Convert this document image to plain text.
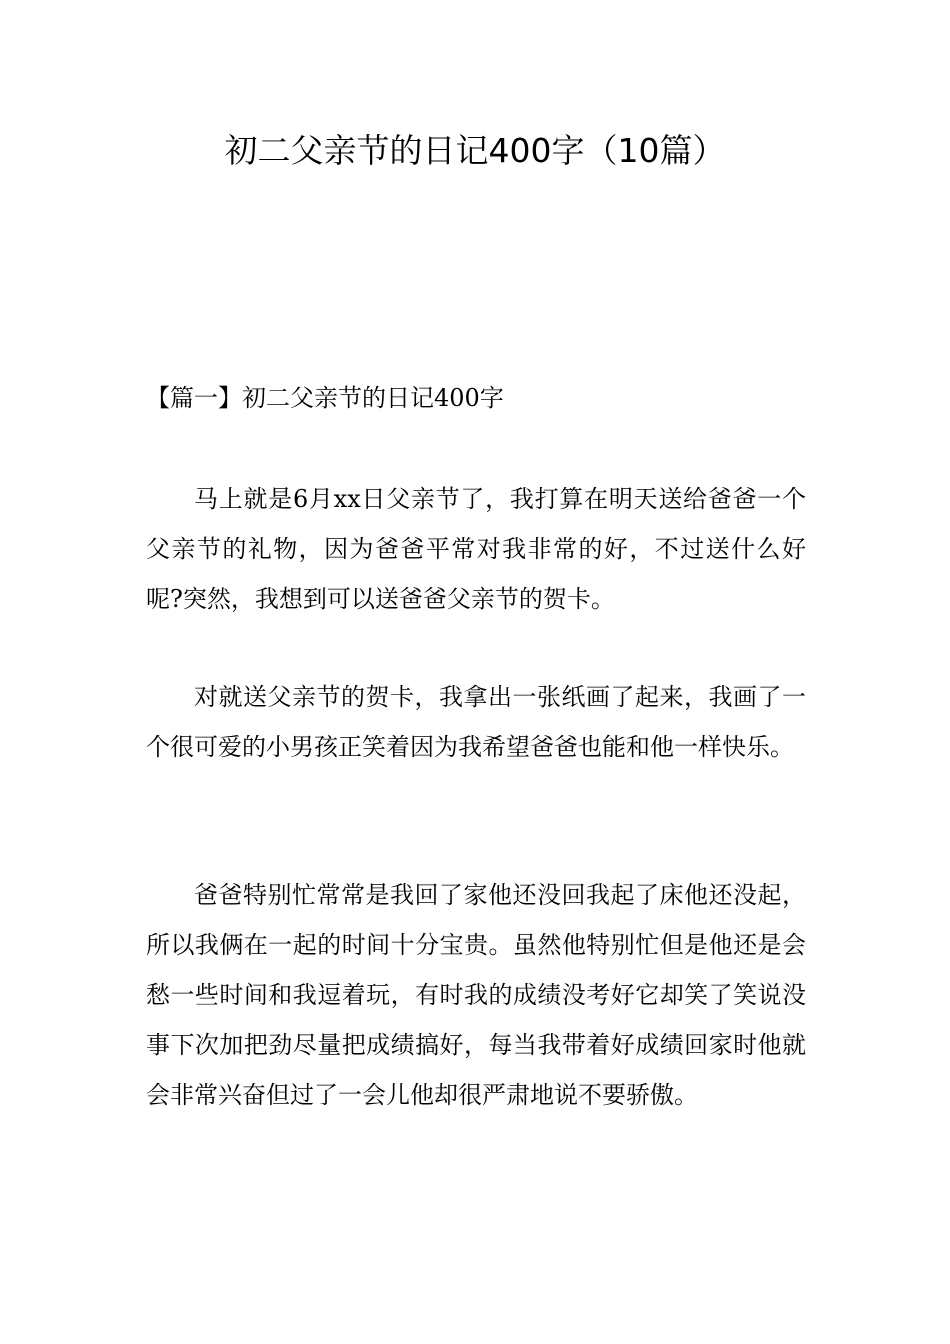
初二父亲节的日记400字（10篇）
【篇一】初二父亲节的日记400字

马上就是6月xx日父亲节了，我打算在明天送给爸爸一个父亲节的礼物，因为爸爸平常对我非常的好，不过送什么好呢?突然，我想到可以送爸爸父亲节的贺卡。

对就送父亲节的贺卡，我拿出一张纸画了起来，我画了一个很可爱的小男孩正笑着因为我希望爸爸也能和他一样快乐。

爸爸特别忙常常是我回了家他还没回我起了床他还没起，所以我俩在一起的时间十分宝贵。虽然他特别忙但是他还是会愁一些时间和我逗着玩，有时我的成绩没考好它却笑了笑说没事下次加把劲尽量把成绩搞好，每当我带着好成绩回家时他就会非常兴奋但过了一会儿他却很严肃地说不要骄傲。
